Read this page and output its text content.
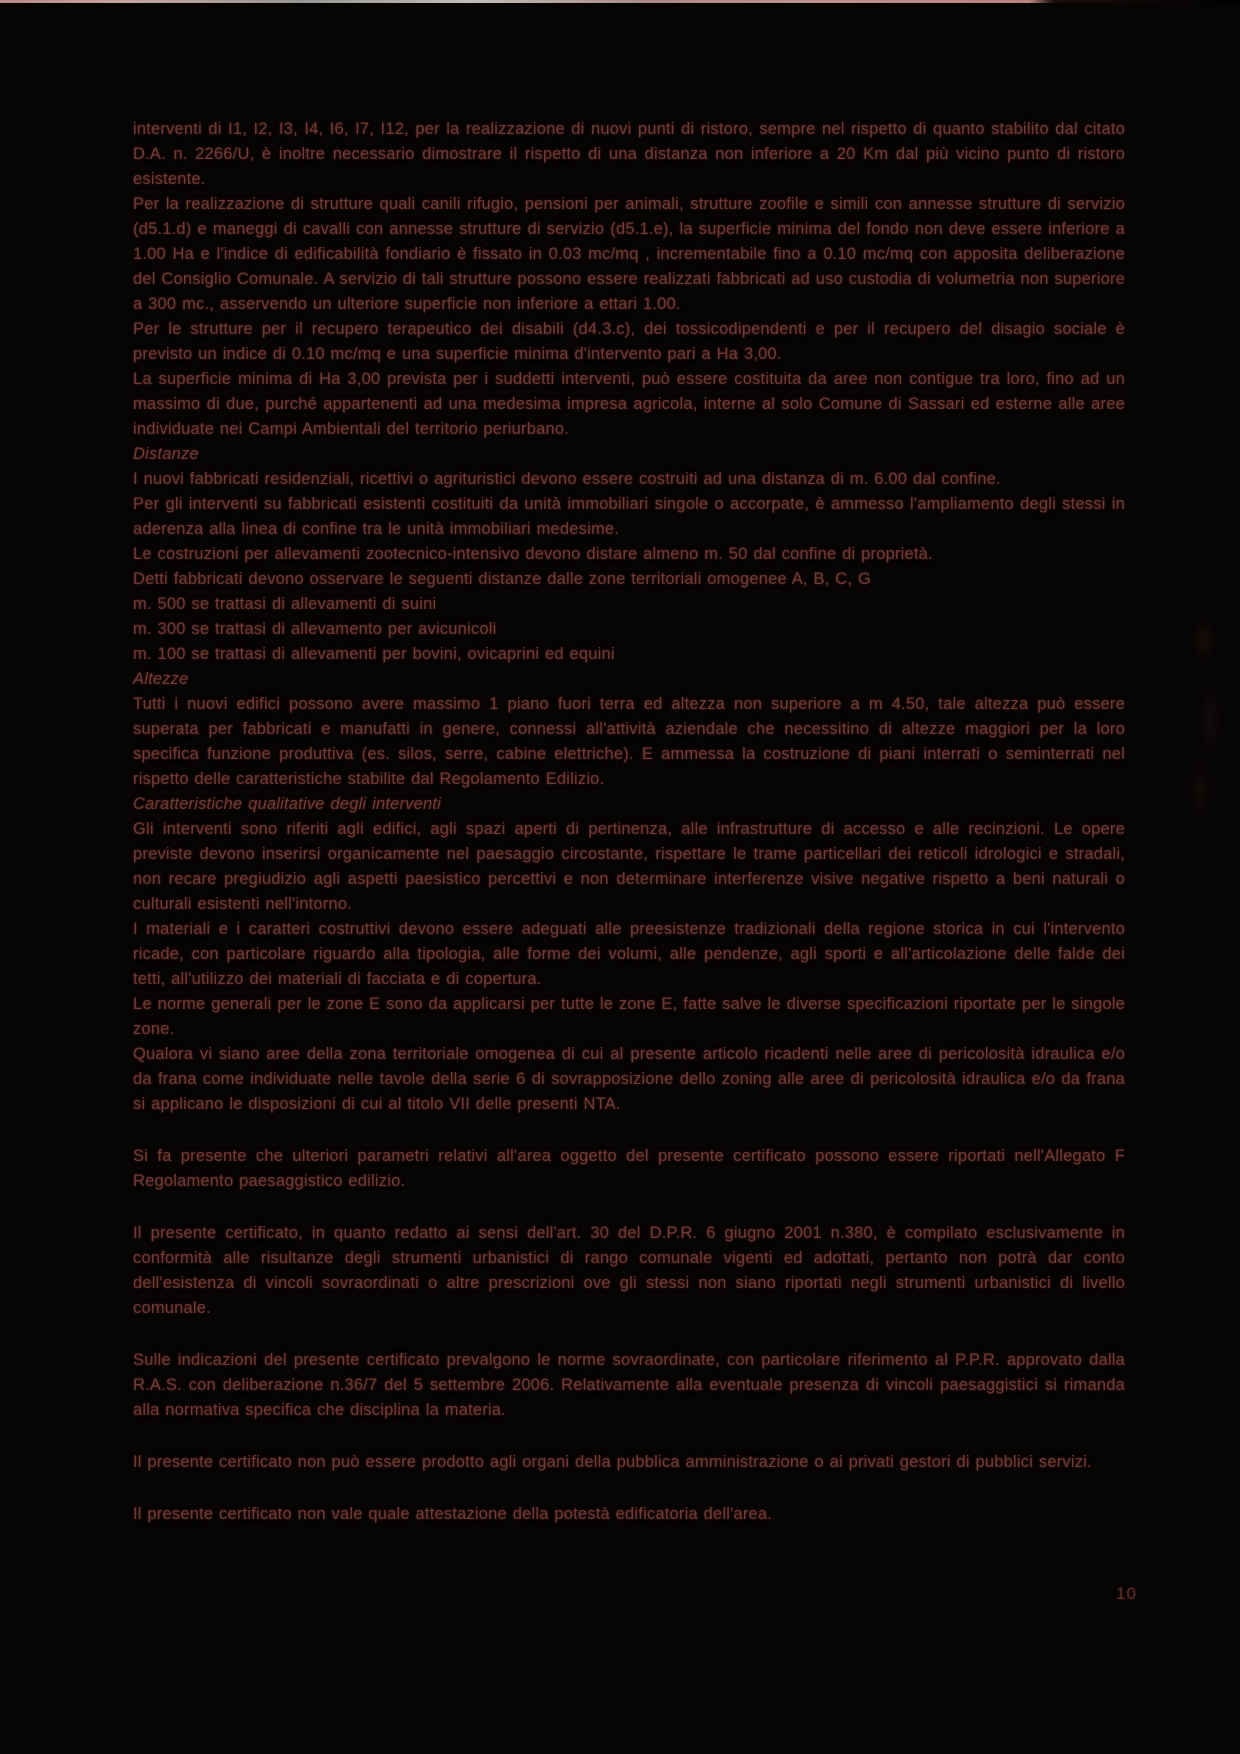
interventi di I1, I2, I3, I4, I6, I7, I12, per la realizzazione di nuovi punti di ristoro, sempre nel rispetto di quanto stabilito dal citato D.A. n. 2266/U, è inoltre necessario dimostrare il rispetto di una distanza non inferiore a 20 Km dal più vicino punto di ristoro esistente.

Per la realizzazione di strutture quali canili rifugio, pensioni per animali, strutture zoofile e simili con annesse strutture di servizio (d5.1.d) e maneggi di cavalli con annesse strutture di servizio (d5.1.e), la superficie minima del fondo non deve essere inferiore a 1.00 Ha e l'indice di edificabilità fondiario è fissato in 0.03 mc/mq , incrementabile fino a 0.10 mc/mq con apposita deliberazione del Consiglio Comunale. A servizio di tali strutture possono essere realizzati fabbricati ad uso custodia di volumetria non superiore a 300 mc., asservendo un ulteriore superficie non inferiore a ettari 1.00.

Per le strutture per il recupero terapeutico dei disabili (d4.3.c), dei tossicodipendenti e per il recupero del disagio sociale è previsto un indice di 0.10 mc/mq e una superficie minima d'intervento pari a Ha 3,00.

La superficie minima di Ha 3,00 prevista per i suddetti interventi, può essere costituita da aree non contigue tra loro, fino ad un massimo di due, purché appartenenti ad una medesima impresa agricola, interne al solo Comune di Sassari ed esterne alle aree individuate nei Campi Ambientali del territorio periurbano.

Distanze

I nuovi fabbricati residenziali, ricettivi o agrituristici devono essere costruiti ad una distanza di m. 6.00 dal confine.

Per gli interventi su fabbricati esistenti costituiti da unità immobiliari singole o accorpate, è ammesso l'ampliamento degli stessi in aderenza alla linea di confine tra le unità immobiliari medesime.

Le costruzioni per allevamenti zootecnico-intensivo devono distare almeno m. 50 dal confine di proprietà.

Detti fabbricati devono osservare le seguenti distanze dalle zone territoriali omogenee A, B, C, G

m. 500 se trattasi di allevamenti di suini

m. 300 se trattasi di allevamento per avicunicoli

m. 100 se trattasi di allevamenti per bovini, ovicaprini ed equini

Altezze

Tutti i nuovi edifici possono avere massimo 1 piano fuori terra ed altezza non superiore a m 4.50, tale altezza può essere superata per fabbricati e manufatti in genere, connessi all'attività aziendale che necessitino di altezze maggiori per la loro specifica funzione produttiva (es. silos, serre, cabine elettriche). E ammessa la costruzione di piani interrati o seminterrati nel rispetto delle caratteristiche stabilite dal Regolamento Edilizio.

Caratteristiche qualitative degli interventi

Gli interventi sono riferiti agli edifici, agli spazi aperti di pertinenza, alle infrastrutture di accesso e alle recinzioni. Le opere previste devono inserirsi organicamente nel paesaggio circostante, rispettare le trame particellari dei reticoli idrologici e stradali, non recare pregiudizio agli aspetti paesistico percettivi e non determinare interferenze visive negative rispetto a beni naturali o culturali esistenti nell'intorno.

I materiali e i caratteri costruttivi devono essere adeguati alle preesistenze tradizionali della regione storica in cui l'intervento ricade, con particolare riguardo alla tipologia, alle forme dei volumi, alle pendenze, agli sporti e all'articolazione delle falde dei tetti, all'utilizzo dei materiali di facciata e di copertura.

Le norme generali per le zone E sono da applicarsi per tutte le zone E, fatte salve le diverse specificazioni riportate per le singole zone.

Qualora vi siano aree della zona territoriale omogenea di cui al presente articolo ricadenti nelle aree di pericolosità idraulica e/o da frana come individuate nelle tavole della serie 6 di sovrapposizione dello zoning alle aree di pericolosità idraulica e/o da frana si applicano le disposizioni di cui al titolo VII delle presenti NTA.

Si fa presente che ulteriori parametri relativi all'area oggetto del presente certificato possono essere riportati nell'Allegato F Regolamento paesaggistico edilizio.

Il presente certificato, in quanto redatto ai sensi dell'art. 30 del D.P.R. 6 giugno 2001 n.380, è compilato esclusivamente in conformità alle risultanze degli strumenti urbanistici di rango comunale vigenti ed adottati, pertanto non potrà dar conto dell'esistenza di vincoli sovraordinati o altre prescrizioni ove gli stessi non siano riportati negli strumenti urbanistici di livello comunale.

Sulle indicazioni del presente certificato prevalgono le norme sovraordinate, con particolare riferimento al P.P.R. approvato dalla R.A.S. con deliberazione n.36/7 del 5 settembre 2006. Relativamente alla eventuale presenza di vincoli paesaggistici si rimanda alla normativa specifica che disciplina la materia.

Il presente certificato non può essere prodotto agli organi della pubblica amministrazione o ai privati gestori di pubblici servizi.

Il presente certificato non vale quale attestazione della potestà edificatoria dell'area.

10
